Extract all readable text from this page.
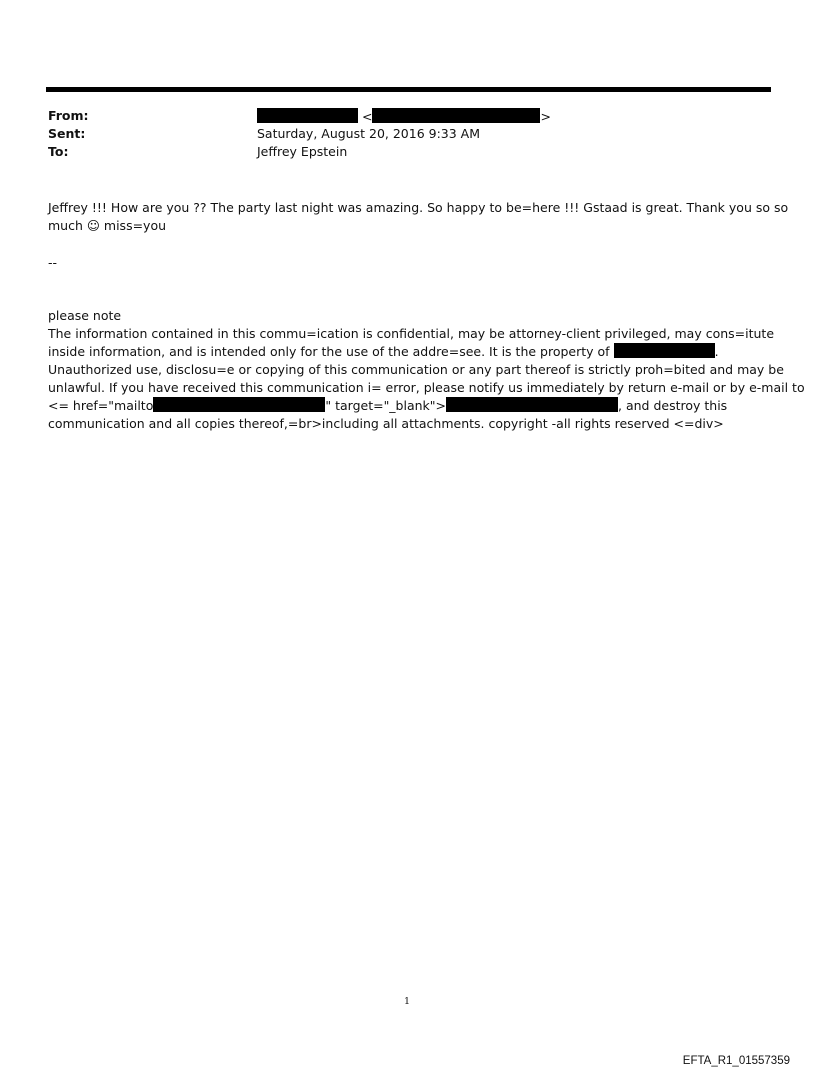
From:	<	>
Sent:	Saturday, August 20, 2016 9:33 AM
To:	Jeffrey Epstein
Jeffrey !!! How are you ?? The party last night was amazing. So happy to be=here !!! Gstaad is great. Thank you so so
much ☺ miss=you
--
please note
The information contained in this commu=ication is confidential, may be attorney-client privileged, may cons=itute
inside information, and is intended only for the use of the addre=see. It is the property of	.
Unauthorized use, disclosu=e or copying of this communication or any part thereof is strictly proh=bited and may be
unlawful. If you have received this communication i= error, please notify us immediately by return e-mail or by e-mail to
<= href="mailto	" target="_blank">	, and destroy this
communication and all copies thereof,=br>including all attachments. copyright -all rights reserved <=div>
1
EFTA_R1_01557359
